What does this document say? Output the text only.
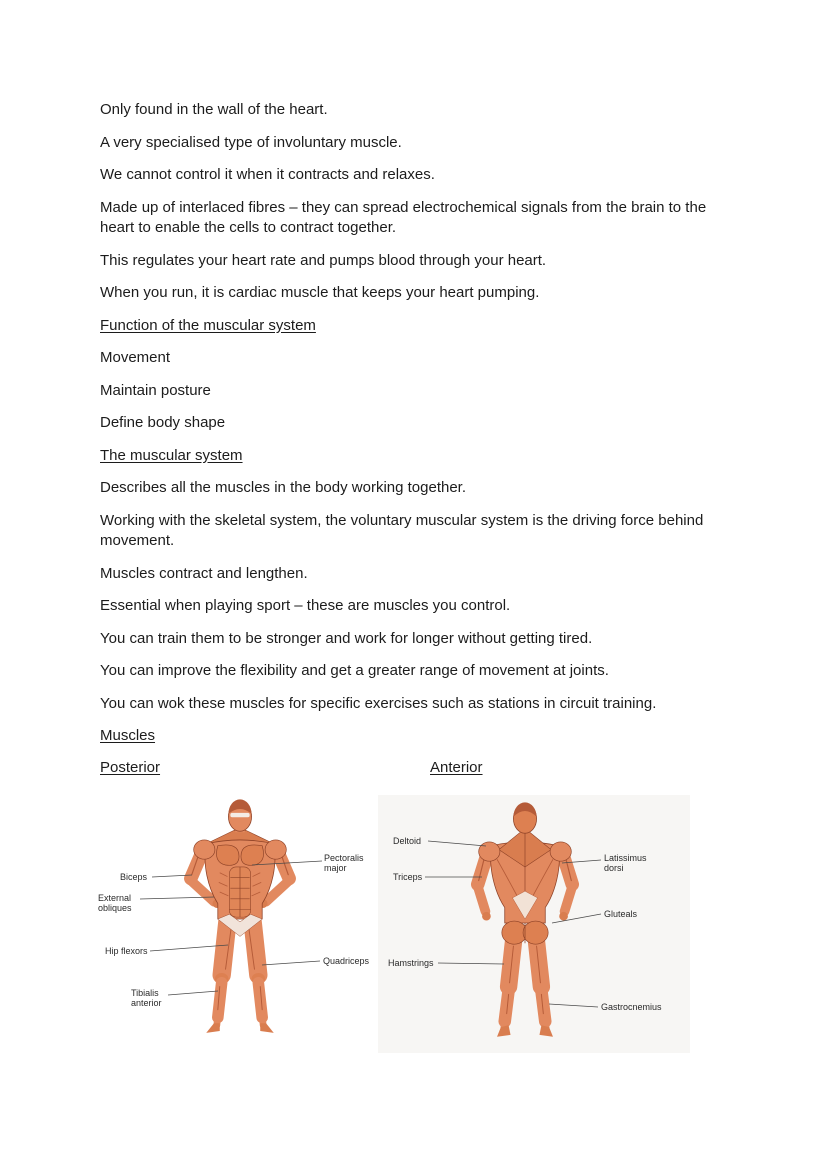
Only found in the wall of the heart.

A very specialised type of involuntary muscle.

We cannot control it when it contracts and relaxes.

Made up of interlaced fibres – they can spread electrochemical signals from the brain to the heart to enable the cells to contract together.

This regulates your heart rate and pumps blood through your heart.

When you run, it is cardiac muscle that keeps your heart pumping.

Function of the muscular system

Movement

Maintain posture

Define body shape

The muscular system

Describes all the muscles in the body working together.

Working with the skeletal system, the voluntary muscular system is the driving force behind movement.

Muscles contract and lengthen.

Essential when playing sport – these are muscles you control.

You can train them to be stronger and work for longer without getting tired.

You can improve the flexibility and get a greater range of movement at joints.

You can wok these muscles for specific exercises such as stations in circuit training.

Muscles

Posterior	Anterior
Pectoralis major
Biceps
External obliques
Hip flexors
Quadriceps
Tibialis anterior
Deltoid
Triceps
Latissimus dorsi
Gluteals
Hamstrings
Gastrocnemius
